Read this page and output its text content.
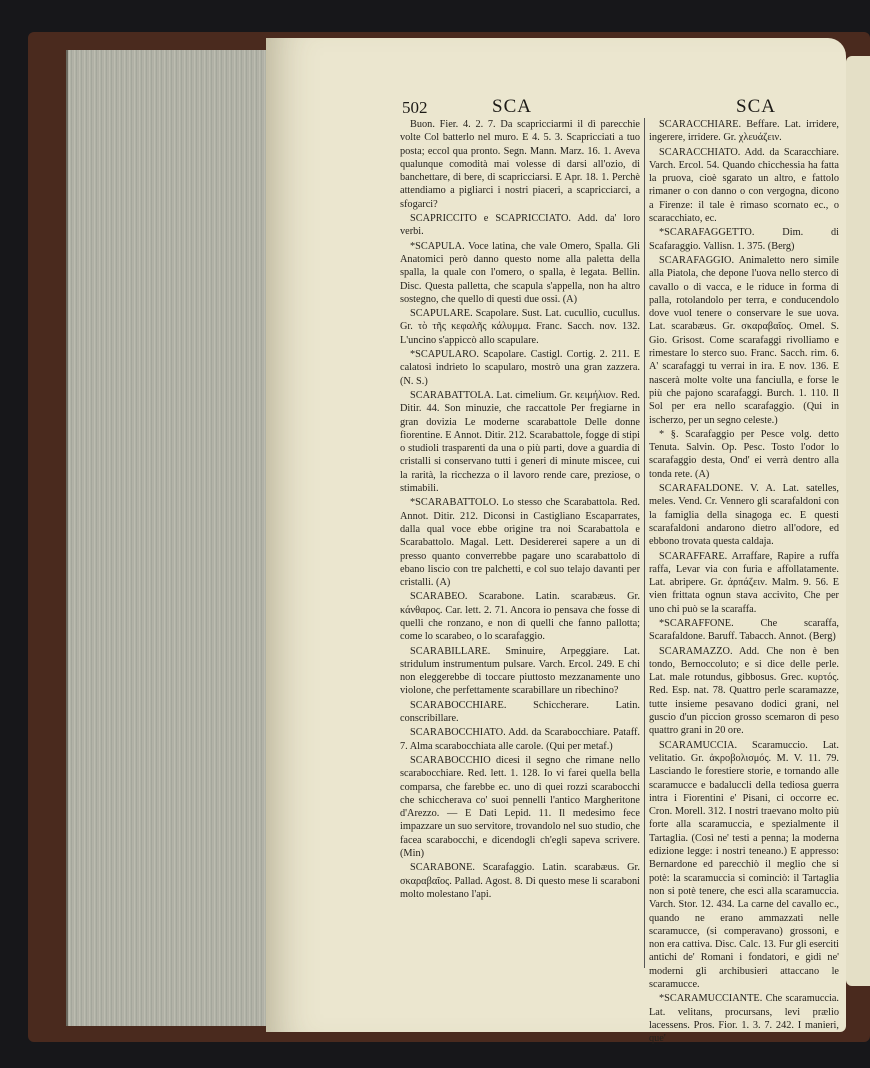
502	SCA	SCA

Buon. Fier. 4. 2. 7. Da scapricciarmi il dì parecchie volte Col batterlo nel muro. E 4. 5. 3. Scapricciati a tuo posta; eccol qua pronto. Segn. Mann. Marz. 16. 1. Aveva qualunque comodità mai volesse di darsi all'ozio, di banchettare, di bere, di scapricciarsi. E Apr. 18. 1. Perchè attendiamo a pigliarci i nostri piaceri, a scapricciarci, a sfogarci?

SCAPRICCITO e SCAPRICCIATO. Add. da' loro verbi.

*SCAPULA. Voce latina, che vale Omero, Spalla. Gli Anatomici però danno questo nome alla paletta della spalla, la quale con l'omero, o spalla, è legata. Bellin. Disc. Questa palletta, che scapula s'appella, non ha altro sostegno, che quello di questi due ossi. (A)

SCAPULARE. Scapolare. Sust. Lat. cucullio, cucullus. Gr. τὸ τῆς κεφαλῆς κάλυμμα. Franc. Sacch. nov. 132. L'uncino s'appiccò allo scapulare.

*SCAPULARO. Scapolare. Castigl. Cortig. 2. 211. E calatosi indrieto lo scapularo, mostrò una gran zazzera. (N. S.)

SCARABATTOLA. Lat. cimelium. Gr. κειμήλιον. Red. Ditir. 44. Son minuzie, che raccattole Per fregiarne in gran dovizia Le moderne scarabattole Delle donne fiorentine. E Annot. Ditir. 212. Scarabattole, fogge di stipi o studioli trasparenti da una o più parti, dove a guardia di cristalli si conservano tutti i generi di minute miscee, cui la rarità, la ricchezza o il lavoro rende care, preziose, o stimabili.

*SCARABATTOLO. Lo stesso che Scarabattola. Red. Annot. Ditir. 212. Diconsi in Castigliano Escaparrates, dalla qual voce ebbe origine tra noi Scarabattola e Scarabattolo. Magal. Lett. Desidererei sapere a un di presso quanto converrebbe pagare uno scarabattolo di ebano liscio con tre palchetti, e col suo telajo davanti per cristalli. (A)

SCARABEO. Scarabone. Latin. scarabæus. Gr. κάνθαρος. Car. lett. 2. 71. Ancora io pensava che fosse di quelli che ronzano, e non di quelli che fanno pallotta; come lo scarabeo, o lo scarafaggio.

SCARABILLARE. Sminuire, Arpeggiare. Lat. stridulum instrumentum pulsare. Varch. Ercol. 249. E chi non eleggerebbe di toccare piuttosto mezzanamente uno violone, che perfettamente scarabillare un ribechino?

SCARABOCCHIARE. Schiccherare. Latin. conscribillare.

SCARABOCCHIATO. Add. da Scarabocchiare. Pataff. 7. Alma scarabocchiata alle carole. (Qui per metaf.)

SCARABOCCHIO dicesi il segno che rimane nello scarabocchiare. Red. lett. 1. 128. Io vi farei quella bella comparsa, che farebbe ec. uno di quei rozzi scarabocchi che schiccherava co' suoi pennelli l'antico Margheritone d'Arezzo. — E Dati Lepid. 11. Il medesimo fece impazzare un suo servitore, trovandolo nel suo studio, che facea scarabocchi, e dicendogli ch'egli sapeva scrivere. (Min)

SCARABONE. Scarafaggio. Latin. scarabæus. Gr. σκαραβαῖος. Pallad. Agost. 8. Di questo mese li scaraboni molto molestano l'api.

SCARACCHIARE. Beffare. Lat. irridere, ingerere, irridere. Gr. χλευάζειν.

SCARACCHIATO. Add. da Scaracchiare. Varch. Ercol. 54. Quando chicchessia ha fatta la pruova, cioè sgarato un altro, e fattolo rimaner o con danno o con vergogna, dicono a Firenze: il tale è rimaso scornato ec., o scaracchiato, ec.

*SCARAFAGGETTO. Dim. di Scafaraggio. Vallisn. 1. 375. (Berg)

SCARAFAGGIO. Animaletto nero simile alla Piatola, che depone l'uova nello sterco di cavallo o di vacca, e le riduce in forma di palla, rotolandolo per terra, e conducendolo dove vuol tenere o conservare le sue uova. Lat. scarabæus. Gr. σκαραβαῖος. Omel. S. Gio. Grisost. Come scarafaggi rivolliamo e rimestare lo sterco suo. Franc. Sacch. rim. 6. A' scarafaggi tu verrai in ira. E nov. 136. E nascerà molte volte una fanciulla, e forse le più che pajono scarafaggi. Burch. 1. 110. Il Sol per era nello scarafaggio. (Qui in ischerzo, per un segno celeste.)

* §. Scarafaggio per Pesce volg. detto Tenuta. Salvin. Op. Pesc. Tosto l'odor lo scarafaggio desta, Ond' ei verrà dentro alla tonda rete. (A)

SCARAFALDONE. V. A. Lat. satelles, meles. Vend. Cr. Vennero gli scarafaldoni con la famiglia della sinagoga ec. E questi scarafaldoni andarono dietro all'odore, ed ebbono trovata questa caldaja.

SCARAFFARE. Arraffare, Rapire a ruffa raffa, Levar via con furia e affollatamente. Lat. abripere. Gr. ἀρπάζειν. Malm. 9. 56. E vien frittata ognun stava accivito, Che per uno chi può se la scaraffa.

*SCARAFFONE. Che scaraffa, Scarafaldone. Baruff. Tabacch. Annot. (Berg)

SCARAMAZZO. Add. Che non è ben tondo, Bernoccoluto; e si dice delle perle. Lat. male rotundus, gibbosus. Grec. κυρτός. Red. Esp. nat. 78. Quattro perle scaramazze, tutte insieme pesavano dodici grani, nel guscio d'un piccion grosso scemaron di peso quattro grani in 20 ore.

SCARAMUCCIA. Scaramuccio. Lat. velitatio. Gr. ἀκροβολισμός. M. V. 11. 79. Lasciando le forestiere storie, e tornando alle scaramucce e badaluccli della tediosa guerra intra i Fiorentini e' Pisani, ci occorre ec. Cron. Morell. 312. I nostri traevano molto più forte alla scaramuccia, e spezialmente il Tartaglia. (Così ne' testi a penna; la moderna edizione legge: i nostri teneano.) E appresso: Bernardone ed parecchiò il meglio che si potè: la scaramuccia si cominciò: il Tartaglia non si potè tenere, che escì alla scaramuccia. Varch. Stor. 12. 434. La carne del cavallo ec., quando ne erano ammazzati nelle scaramucce, (si comperavano) grossoni, e non era cattiva. Disc. Calc. 13. Fur gli eserciti antichi de' Romani i fondatori, e gidi ne' moderni gli archibusieri attaccano le scaramucce.

*SCARAMUCCIANTE. Che scaramuccia. Lat. velitans, procursans, levi prælio lacessens. Pros. Fior. 1. 3. 7. 242. I manieri, que'
